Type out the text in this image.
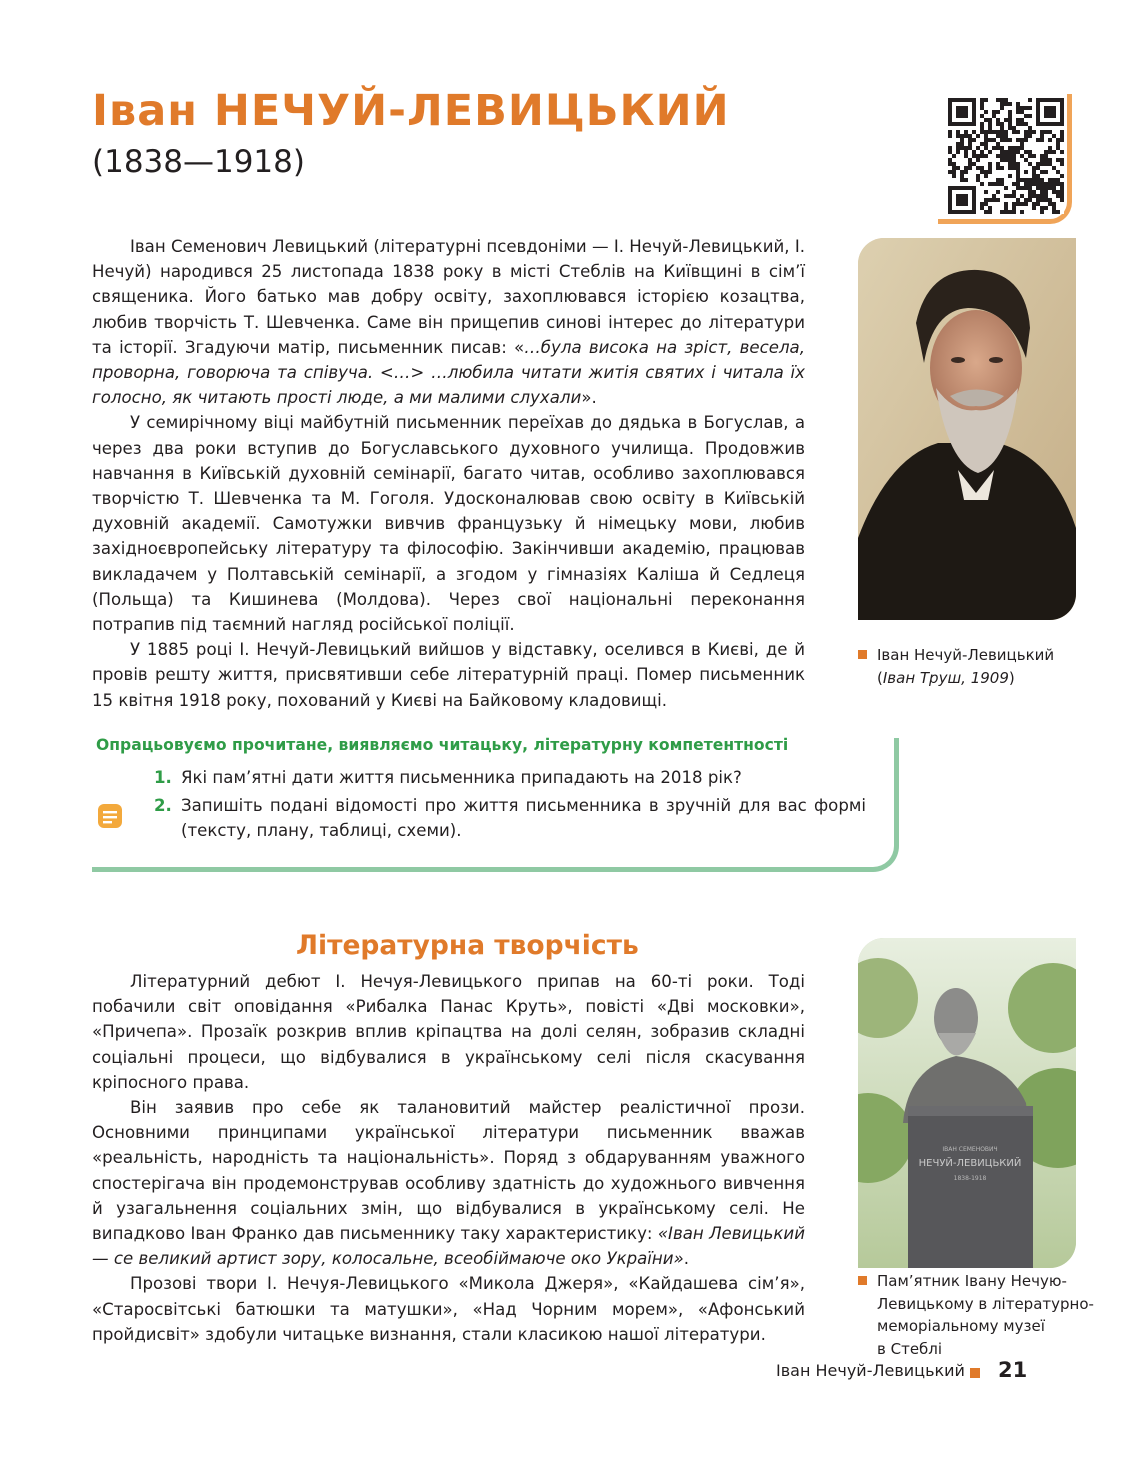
Іван НЕЧУЙ-ЛЕВИЦЬКИЙ
(1838—1918)

Іван Семенович Левицький (літературні псевдоніми — І. Нечуй-Левицький, І. Нечуй) народився 25 листопада 1838 року в місті Стеблів на Київщині в сім’ї священика. Його батько мав добру освіту, захоплювався історією козацтва, любив творчість Т. Шевченка. Саме він прищепив синові інтерес до літератури та історії. Згадуючи матір, письменник писав: «…була висока на зріст, весела, проворна, говорюча та співуча. <…> …любила читати житія святих і читала їх голосно, як читають прості люде, а ми малими слухали».

У семирічному віці майбутній письменник переїхав до дядька в Богуслав, а через два роки вступив до Богуславського духовного училища. Продовжив навчання в Київській духовній семінарії, багато читав, особливо захоплювався творчістю Т. Шевченка та М. Гоголя. Удосконалював свою освіту в Київській духовній академії. Самотужки вивчив французьку й німецьку мови, любив західноєвропейську літературу та філософію. Закінчивши академію, працював викладачем у Полтавській семінарії, а згодом у гімназіях Каліша й Седлеця (Польща) та Кишинева (Молдова). Через свої національні переконання потрапив під таємний нагляд російської поліції.

У 1885 році І. Нечуй-Левицький вийшов у відставку, оселився в Києві, де й провів решту життя, присвятивши себе літературній праці. Помер письменник 15 квітня 1918 року, похований у Києві на Байковому кладовищі.

Іван Нечуй-Левицький
(Іван Труш, 1909)
Опрацьовуємо прочитане, виявляємо читацьку, літературну компетентності
1. Які пам’ятні дати життя письменника припадають на 2018 рік?
2. Запишіть подані відомості про життя письменника в зручній для вас формі (тексту, плану, таблиці, схеми).
Літературна творчість

Літературний дебют І. Нечуя-Левицького припав на 60-ті роки. Тоді побачили світ оповідання «Рибалка Панас Круть», повісті «Дві московки», «Причепа». Прозаїк розкрив вплив кріпацтва на долі селян, зобразив складні соціальні процеси, що відбувалися в українському селі після скасування кріпосного права.

Він заявив про себе як талановитий майстер реалістичної прози. Основними принципами української літератури письменник вважав «реальність, народність та національність». Поряд з обдаруванням уважного спостерігача він продемонстрував особливу здатність до художнього вивчення й узагальнення соціальних змін, що відбувалися в українському селі. Не випадково Іван Франко дав письменнику таку характеристику: «Іван Левицький — се великий артист зору, колосальне, всеобіймаюче око України».

Прозові твори І. Нечуя-Левицького «Микола Джеря», «Кайдашева сім’я», «Старосвітські батюшки та матушки», «Над Чорним морем», «Афонський пройдисвіт» здобули читацьке визнання, стали класикою нашої літератури.

ІВАН СЕМЕНОВИЧ
НЕЧУЙ-ЛЕВИЦЬКИЙ
1838-1918
Пам’ятник Івану Нечую-
Левицькому в літературно-
меморіальному музеї
в Стеблі
Іван Нечуй-Левицький 21
